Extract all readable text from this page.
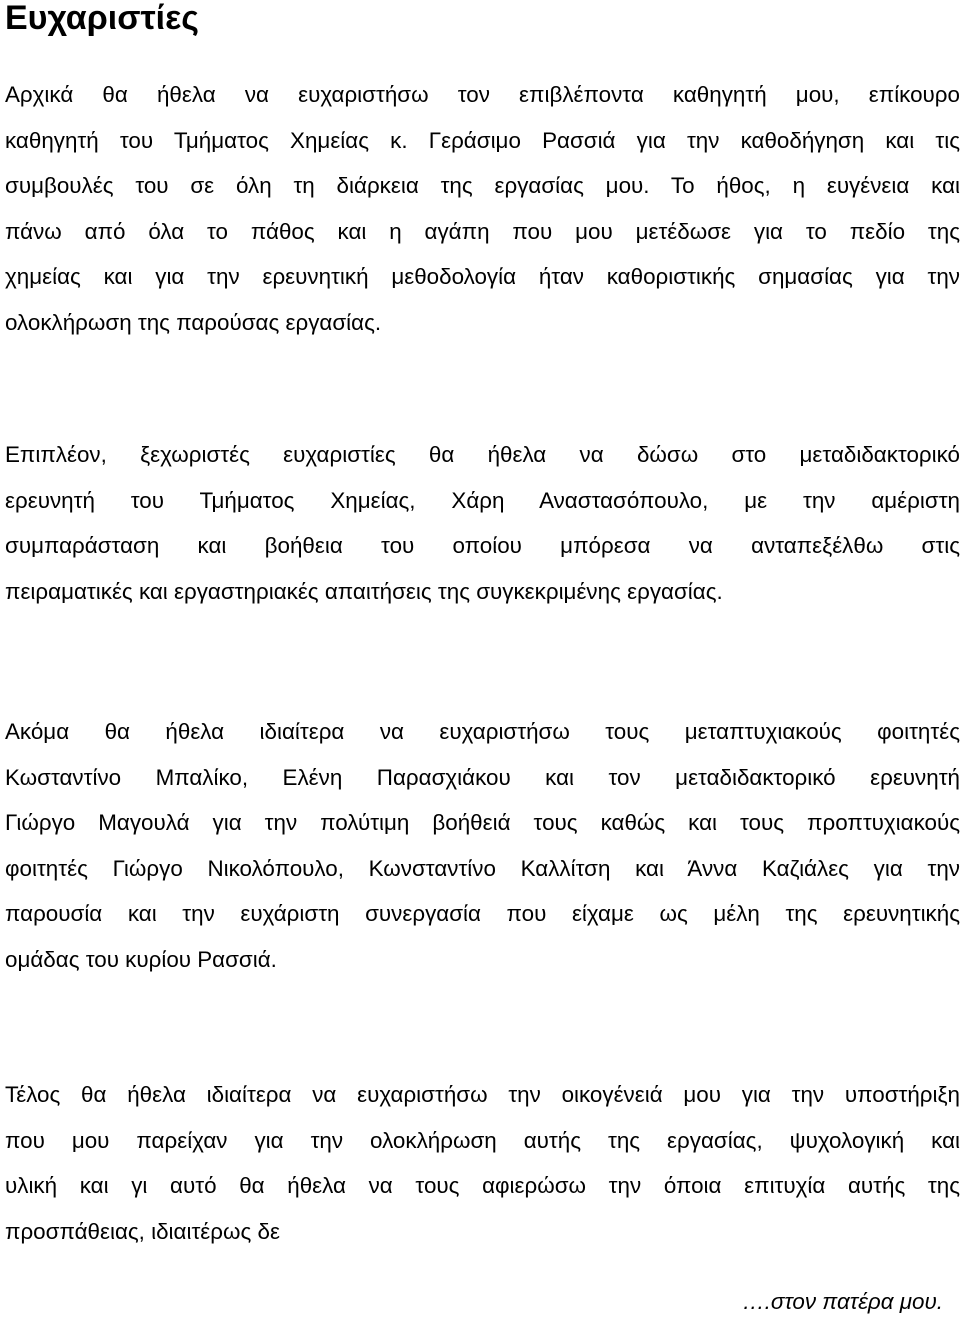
Ευχαριστίες

Αρχικά θα ήθελα να ευχαριστήσω τον επιβλέποντα καθηγητή μου, επίκουρο
καθηγητή του Τμήματος Χημείας κ. Γεράσιμο Ρασσιά για την καθοδήγηση και τις
συμβουλές του σε όλη τη διάρκεια της εργασίας μου. Το ήθος, η ευγένεια και
πάνω από όλα το πάθος και η αγάπη που μου μετέδωσε για το πεδίο της
χημείας και για την ερευνητική μεθοδολογία ήταν καθοριστικής σημασίας για την
ολοκλήρωση της παρούσας εργασίας.

Επιπλέον, ξεχωριστές ευχαριστίες θα ήθελα να δώσω στο μεταδιδακτορικό
ερευνητή του Τμήματος Χημείας, Χάρη Αναστασόπουλο, με την αμέριστη
συμπαράσταση και βοήθεια του οποίου μπόρεσα να ανταπεξέλθω στις
πειραματικές και εργαστηριακές απαιτήσεις της συγκεκριμένης εργασίας.

Ακόμα θα ήθελα ιδιαίτερα να ευχαριστήσω τους μεταπτυχιακούς φοιτητές
Κωσταντίνο Μπαλίκο, Ελένη Παρασχιάκου και τον μεταδιδακτορικό ερευνητή
Γιώργο Μαγουλά για την πολύτιμη βοήθειά τους καθώς και τους προπτυχιακούς
φοιτητές Γιώργο Νικολόπουλο, Κωνσταντίνο Καλλίτση και Άννα Καζιάλες για την
παρουσία και την ευχάριστη συνεργασία που είχαμε ως μέλη της ερευνητικής
ομάδας του κυρίου Ρασσιά.

Τέλος θα ήθελα ιδιαίτερα να ευχαριστήσω την οικογένειά μου για την υποστήριξη
που μου παρείχαν για την ολοκλήρωση αυτής της εργασίας, ψυχολογική και
υλική και γι αυτό θα ήθελα να τους αφιερώσω την όποια επιτυχία αυτής της
προσπάθειας, ιδιαιτέρως δε

….στον πατέρα μου.
